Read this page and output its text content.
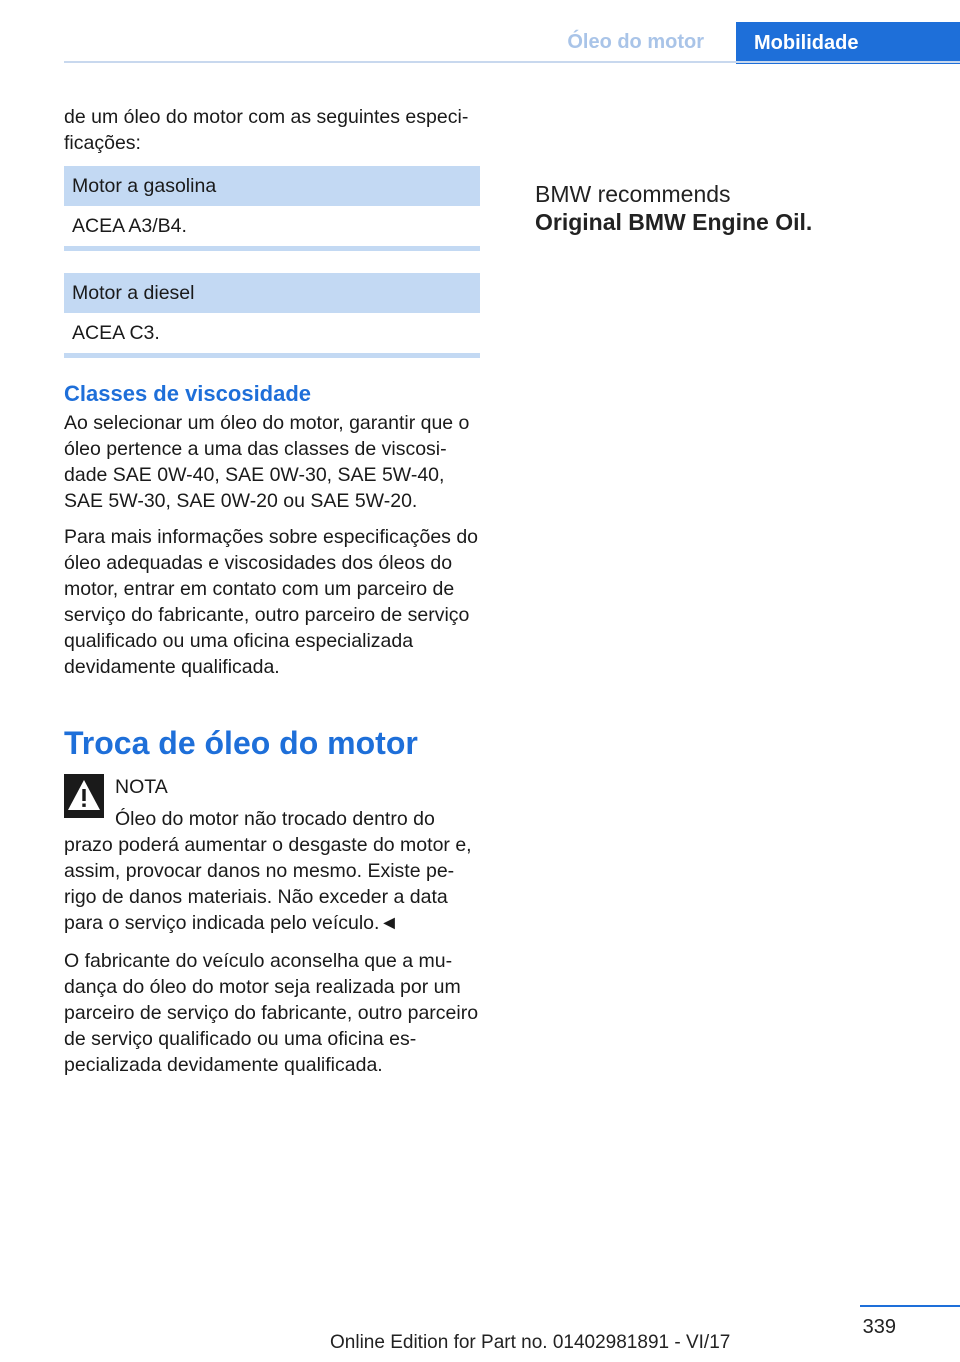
Óleo do motor	Mobilidade

de um óleo do motor com as seguintes especificações:

Motor a gasolina
ACEA A3/B4.
Motor a diesel
ACEA C3.
Classes de viscosidade

Ao selecionar um óleo do motor, garantir que o óleo pertence a uma das classes de viscosidade SAE 0W-40, SAE 0W-30, SAE 5W-40, SAE 5W-30, SAE 0W-20 ou SAE 5W-20.

Para mais informações sobre especificações do óleo adequadas e viscosidades dos óleos do motor, entrar em contato com um parceiro de serviço do fabricante, outro parceiro de serviço qualificado ou uma oficina especializada devidamente qualificada.

Troca de óleo do motor
NOTA

Óleo do motor não trocado dentro do prazo poderá aumentar o desgaste do motor e, assim, provocar danos no mesmo. Existe perigo de danos materiais. Não exceder a data para o serviço indicada pelo veículo.◄

O fabricante do veículo aconselha que a mudança do óleo do motor seja realizada por um parceiro de serviço do fabricante, outro parceiro de serviço qualificado ou uma oficina especializada devidamente qualificada.

BMW recommends
Original BMW Engine Oil.
339
Online Edition for Part no. 01402981891 - VI/17
